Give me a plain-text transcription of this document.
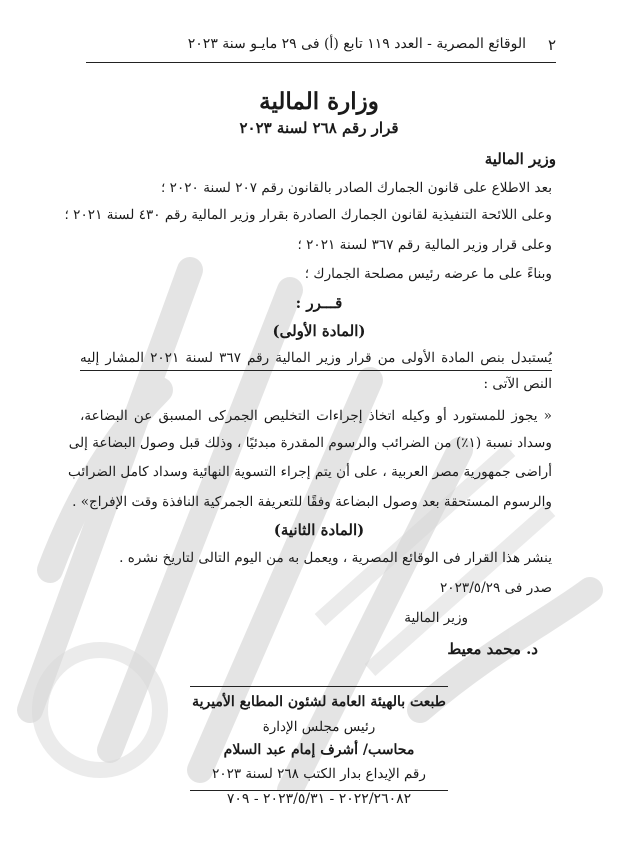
٢
الوقائع المصرية - العدد ١١٩ تابع (أ) فى ٢٩ مايـو سنة ٢٠٢٣
وزارة المالية
قرار رقم ٢٦٨ لسنة ٢٠٢٣
وزير المالية
بعد الاطلاع على قانون الجمارك الصادر بالقانون رقم ٢٠٧ لسنة ٢٠٢٠ ؛
وعلى اللائحة التنفيذية لقانون الجمارك الصادرة بقرار وزير المالية رقم ٤٣٠ لسنة ٢٠٢١ ؛
وعلى قرار وزير المالية رقم ٣٦٧ لسنة ٢٠٢١ ؛
وبناءً على ما عرضه رئيس مصلحة الجمارك ؛
قـــرر :
(المادة الأولى)
يُستبدل بنص المادة الأولى من قرار وزير المالية رقم ٣٦٧ لسنة ٢٠٢١ المشار إليه
النص الآتى :
« يجوز للمستورد أو وكيله اتخاذ إجراءات التخليص الجمركى المسبق عن البضاعة،
وسداد نسبة (١٪) من الضرائب والرسوم المقدرة مبدئيًا ، وذلك قبل وصول البضاعة إلى
أراضى جمهورية مصر العربية ، على أن يتم إجراء التسوية النهائية وسداد كامل الضرائب
والرسوم المستحقة بعد وصول البضاعة وفقًا للتعريفة الجمركية النافذة وقت الإفراج» .
(المادة الثانية)
ينشر هذا القرار فى الوقائع المصرية ، ويعمل به من اليوم التالى لتاريخ نشره .
صدر فى ٢٠٢٣/٥/٢٩
وزير المالية
د. محمد معيط
طبعت بالهيئة العامة لشئون المطابع الأميرية
رئيس مجلس الإدارة
محاسب/ أشرف إمام عبد السلام
رقم الإيداع بدار الكتب ٢٦٨ لسنة ٢٠٢٣
٢٠٢٢/٢٦٠٨٢ - ٢٠٢٣/٥/٣١ - ٧٠٩
